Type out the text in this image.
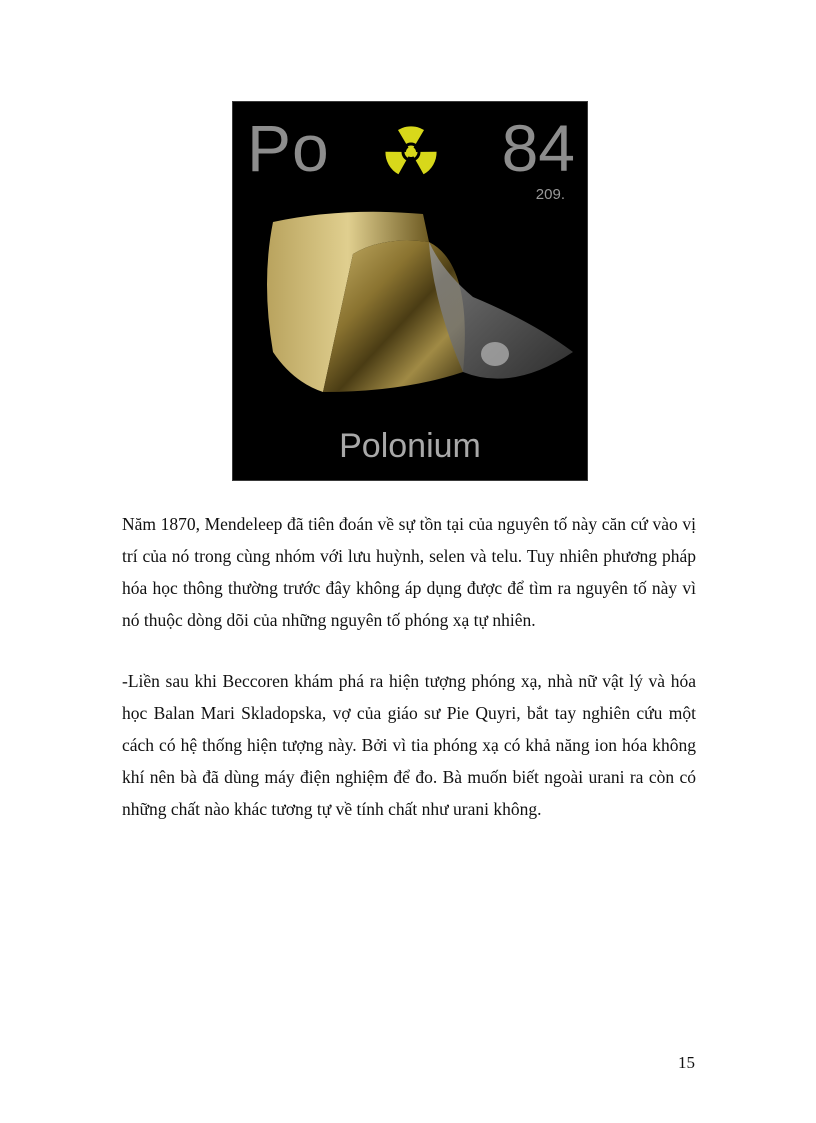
Po	84
209.
Polonium

Năm 1870, Mendeleep đã tiên đoán về sự tồn tại của nguyên tố này căn cứ vào vị trí của nó trong cùng nhóm với lưu huỳnh, selen và telu. Tuy nhiên phương pháp hóa học thông thường trước đây không áp dụng được để tìm ra nguyên tố này vì nó thuộc dòng dõi của những nguyên tố phóng xạ tự nhiên.

-Liền sau khi Beccoren khám phá ra hiện tượng phóng xạ, nhà nữ vật lý và hóa học Balan Mari Skladopska, vợ của giáo sư Pie Quyri, bắt tay nghiên cứu một cách có hệ thống hiện tượng này. Bởi vì tia phóng xạ có khả năng ion hóa không khí nên bà đã dùng máy điện nghiệm để đo. Bà muốn biết ngoài urani ra còn có những chất nào khác tương tự về tính chất như urani không.

15
